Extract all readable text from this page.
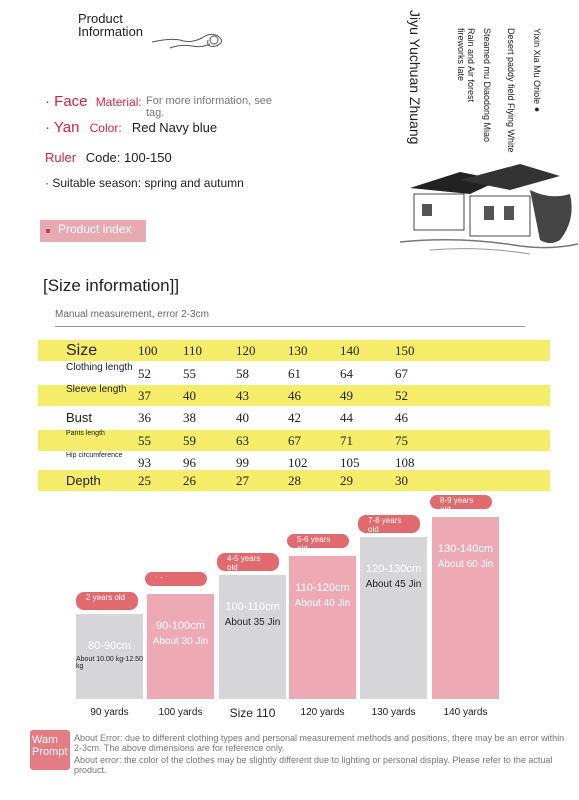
Product
Information
· Face Material: For more information, see tag.
· Yan Color: Red Navy blue
Ruler Code: 100-150
· Suitable season: spring and autumn
Product index
Jiyu Yuchuan Zhuang	Yixin Xia Mu Oriole●
Desert paddy field Flying White
Steamed mu Diaodong Miao
Rain and Air forest
fireworks late
[Size information]]
Manual measurement, error 2-3cm
Size	100 110	120	130	140	150
Clothing length 52 55	58	61	64	67
Sleeve length 37 40	43	46	49	52
Bust	36 38	40	42	44	46
Pants length	55 59	63	67	71	75
Hip circumference 93 96	99	102	105	108
Depth	25 26	27	28	29	30
80-90cm
About 10.00 kg-12.50 kg
2 years old
90 yards
90-100cm
About 30 Jin
· ·
100 yards
100-110cm
About 35 Jin
4-5 years old
Size 110
110-120cm
About 40 Jin
5-6 years old
120 yards
120-130cm
About 45 Jin
7-8 years old
130 yards
130-140cm
About 60 Jin
8-9 years old
140 yards
Warn Prompt
About Error: due to different clothing types and personal measurement methods and positions, there may be an error within 2-3cm. The above dimensions are for reference only.
About error: the color of the clothes may be slightly different due to lighting or personal display. Please refer to the actual product.
